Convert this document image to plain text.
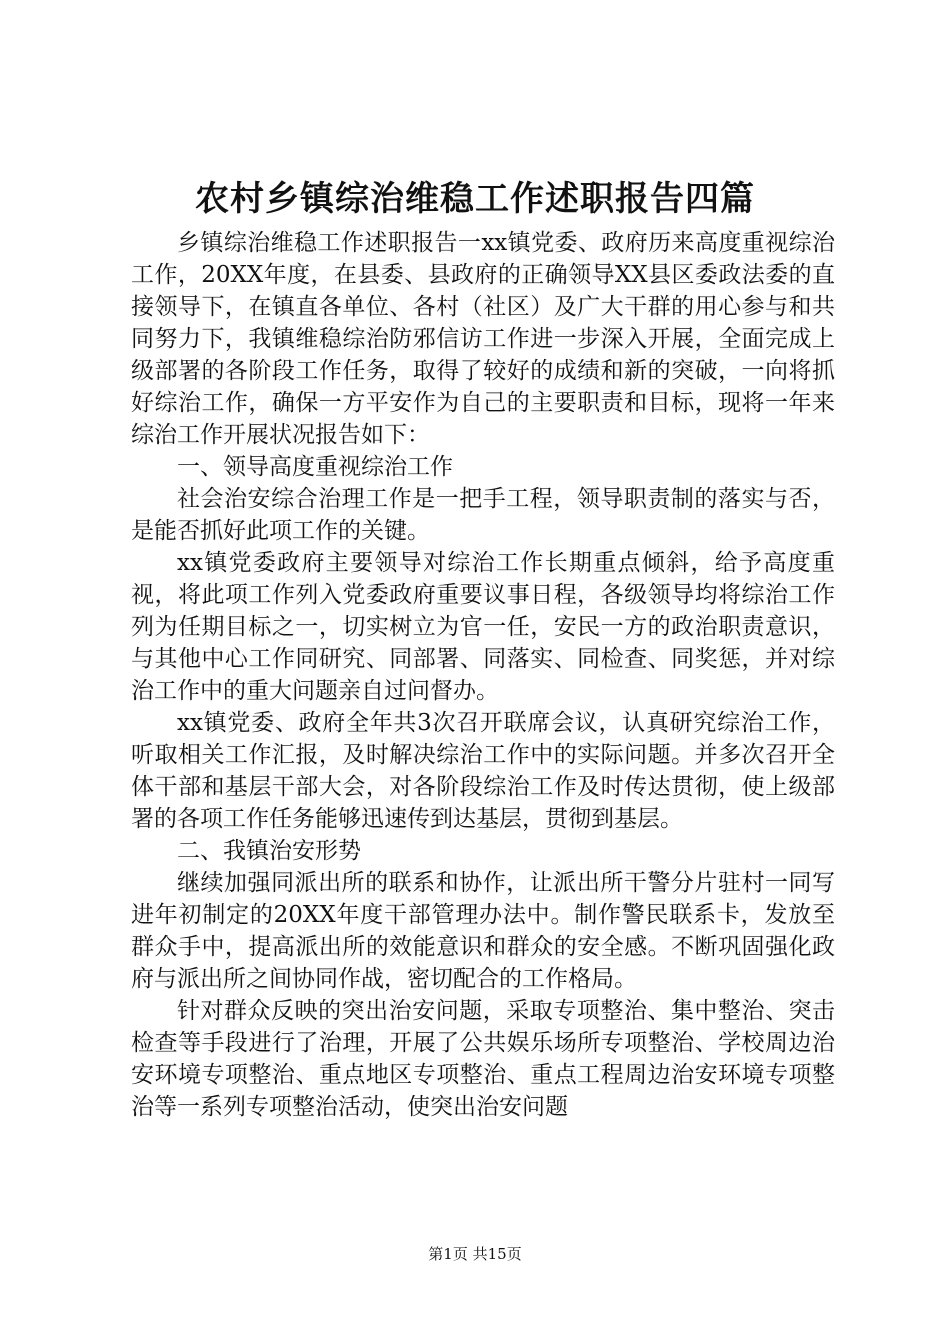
农村乡镇综治维稳工作述职报告四篇

乡镇综治维稳工作述职报告一xx镇党委、政府历来高度重视综治工作，20XX年度，在县委、县政府的正确领导XX县区委政法委的直接领导下，在镇直各单位、各村（社区）及广大干群的用心参与和共同努力下，我镇维稳综治防邪信访工作进一步深入开展，全面完成上级部署的各阶段工作任务，取得了较好的成绩和新的突破，一向将抓好综治工作，确保一方平安作为自己的主要职责和目标，现将一年来综治工作开展状况报告如下：

一、领导高度重视综治工作

社会治安综合治理工作是一把手工程，领导职责制的落实与否，是能否抓好此项工作的关键。

xx镇党委政府主要领导对综治工作长期重点倾斜，给予高度重视，将此项工作列入党委政府重要议事日程，各级领导均将综治工作列为任期目标之一，切实树立为官一任，安民一方的政治职责意识，与其他中心工作同研究、同部署、同落实、同检查、同奖惩，并对综治工作中的重大问题亲自过问督办。

xx镇党委、政府全年共3次召开联席会议，认真研究综治工作，听取相关工作汇报，及时解决综治工作中的实际问题。并多次召开全体干部和基层干部大会，对各阶段综治工作及时传达贯彻，使上级部署的各项工作任务能够迅速传到达基层，贯彻到基层。

二、我镇治安形势

继续加强同派出所的联系和协作，让派出所干警分片驻村一同写进年初制定的20XX年度干部管理办法中。制作警民联系卡，发放至群众手中，提高派出所的效能意识和群众的安全感。不断巩固强化政府与派出所之间协同作战，密切配合的工作格局。

针对群众反映的突出治安问题，采取专项整治、集中整治、突击检查等手段进行了治理，开展了公共娱乐场所专项整治、学校周边治安环境专项整治、重点地区专项整治、重点工程周边治安环境专项整治等一系列专项整治活动，使突出治安问题

第1页 共15页
